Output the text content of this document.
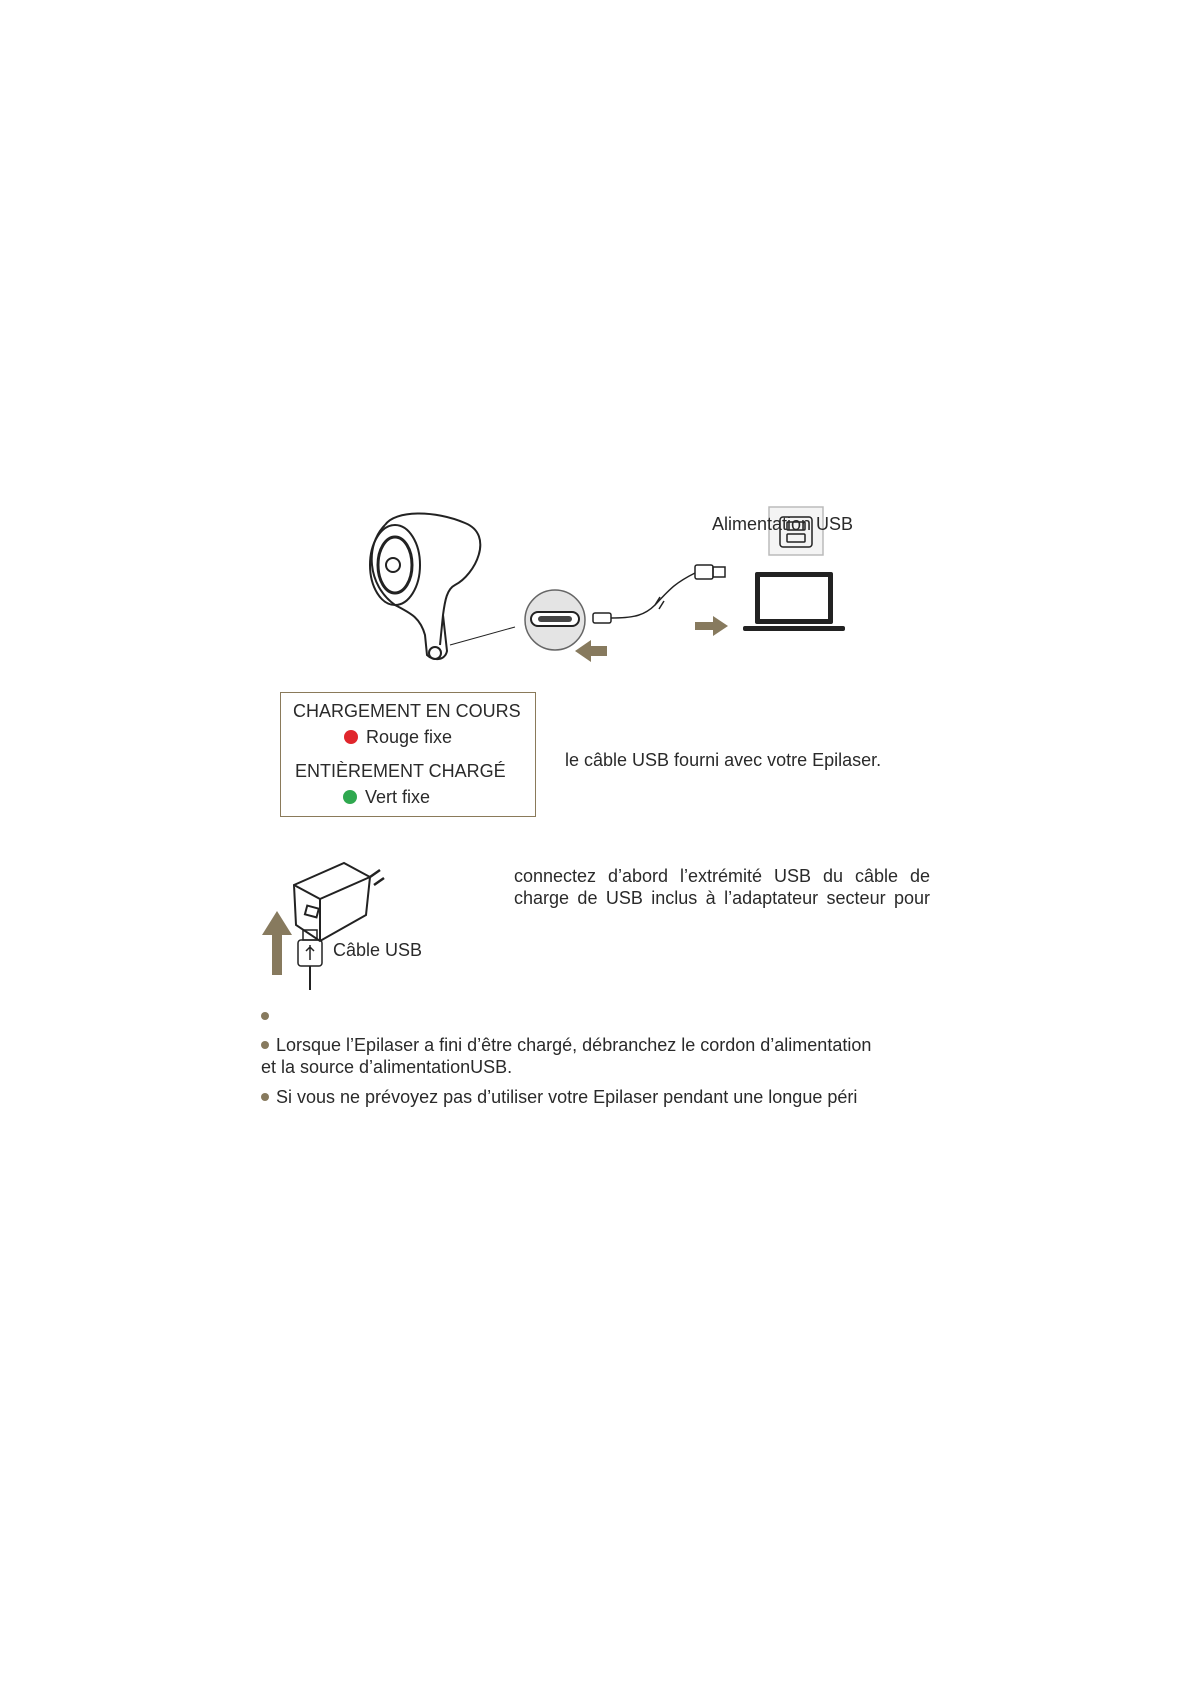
Alimentation USB
CHARGEMENT EN COURS
Rouge fixe
ENTIÈREMENT CHARGÉ
Vert fixe
le câble USB fourni avec votre Epilaser.
Câble USB
connectez d’abord l’extrémité USB du câble de
charge de USB inclus à l’adaptateur secteur pour
Lorsque l’Epilaser a fini d’être chargé, débranchez le cordon d’alimentation
et la source d’alimentationUSB.
Si vous ne prévoyez pas d’utiliser votre Epilaser pendant une longue péri
